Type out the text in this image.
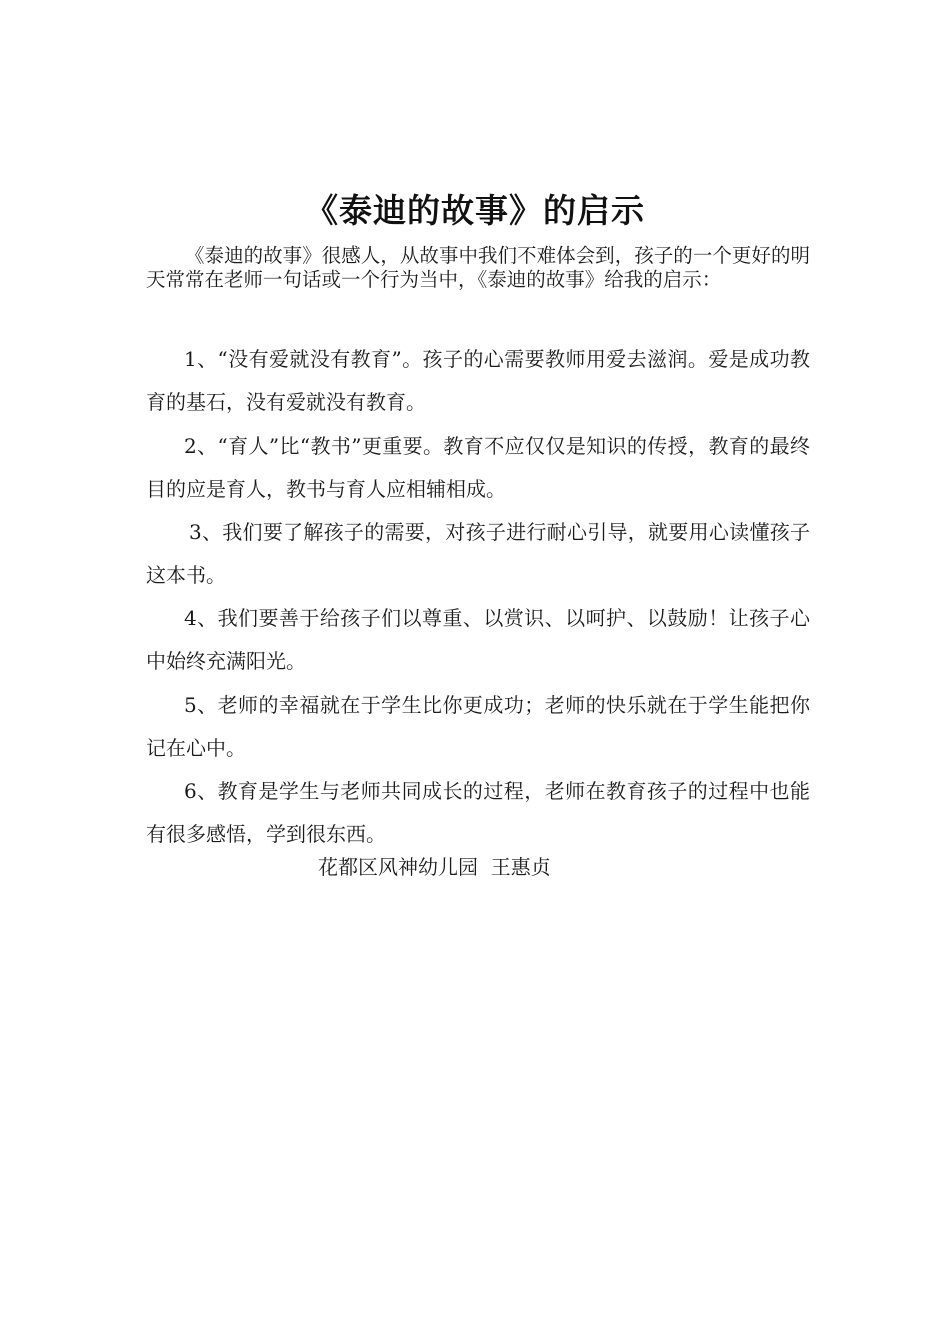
《泰迪的故事》的启示

《泰迪的故事》很感人，从故事中我们不难体会到，孩子的一个更好的明天常常在老师一句话或一个行为当中，《泰迪的故事》给我的启示：

1、“没有爱就没有教育”。孩子的心需要教师用爱去滋润。爱是成功教育的基石，没有爱就没有教育。

2、“育人”比“教书”更重要。教育不应仅仅是知识的传授，教育的最终目的应是育人，教书与育人应相辅相成。

3、我们要了解孩子的需要，对孩子进行耐心引导，就要用心读懂孩子这本书。

4、我们要善于给孩子们以尊重、以赏识、以呵护、以鼓励！让孩子心中始终充满阳光。

5、老师的幸福就在于学生比你更成功；老师的快乐就在于学生能把你记在心中。

6、教育是学生与老师共同成长的过程，老师在教育孩子的过程中也能有很多感悟，学到很东西。

花都区风神幼儿园  王惠贞
